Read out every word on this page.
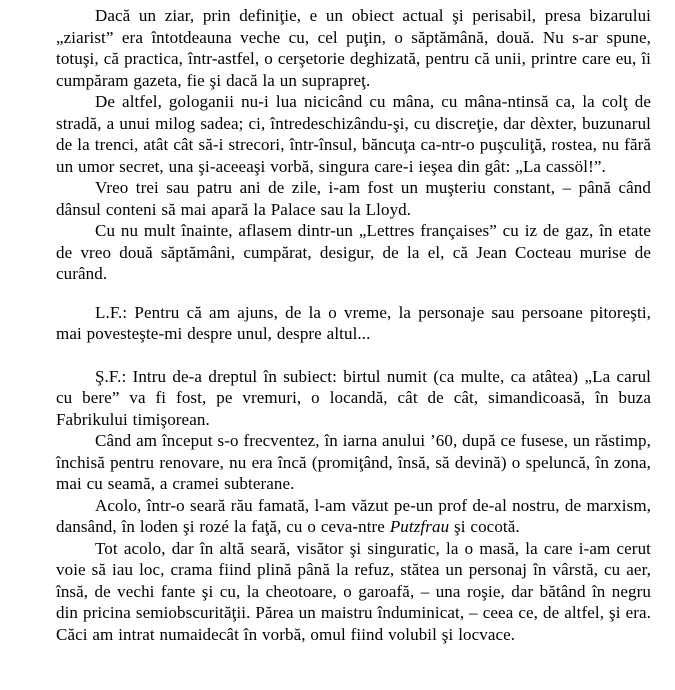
Dacă un ziar, prin definiţie, e un obiect actual şi perisabil, presa bizarului „ziarist” era întotdeauna veche cu, cel puţin, o săptămână, două. Nu s-ar spune, totuşi, că practica, într-astfel, o cerşetorie deghizată, pentru că unii, printre care eu, îi cumpăram gazeta, fie şi dacă la un suprapreţ.

De altfel, gologanii nu-i lua nicicând cu mâna, cu mâna-ntinsă ca, la colţ de stradă, a unui milog sadea; ci, întredeschizându-şi, cu discreţie, dar dèxter, buzunarul de la trenci, atât cât să-i strecori, într-însul, băncuţa ca-ntr-o puşculiţă, rostea, nu fără un umor secret, una şi-aceeaşi vorbă, singura care-i ieşea din gât: „La cassöl!”.

Vreo trei sau patru ani de zile, i-am fost un muşteriu constant, – până când dânsul conteni să mai apară la Palace sau la Lloyd.

Cu nu mult înainte, aflasem dintr-un „Lettres françaises” cu iz de gaz, în etate de vreo două săptămâni, cumpărat, desigur, de la el, că Jean Cocteau murise de curând.

L.F.: Pentru că am ajuns, de la o vreme, la personaje sau persoane pitoreşti, mai povesteşte-mi despre unul, despre altul...

Ş.F.: Intru de-a dreptul în subiect: birtul numit (ca multe, ca atâtea) „La carul cu bere” va fi fost, pe vremuri, o locandă, cât de cât, simandicoasă, în buza Fabrikului timişorean.

Când am început s-o frecventez, în iarna anului ’60, după ce fusese, un răstimp, închisă pentru renovare, nu era încă (promiţând, însă, să devină) o speluncă, în zona, mai cu seamă, a cramei subterane.

Acolo, într-o seară rău famată, l-am văzut pe-un prof de-al nostru, de marxism, dansând, în loden şi rozé la faţă, cu o ceva-ntre Putzfrau şi cocotă.

Tot acolo, dar în altă seară, visător şi singuratic, la o masă, la care i-am cerut voie să iau loc, crama fiind plină până la refuz, stătea un personaj în vârstă, cu aer, însă, de vechi fante şi cu, la cheotoare, o garoafă, – una roşie, dar bătând în negru din pricina semiobscurităţii. Părea un maistru înduminicat, – ceea ce, de altfel, şi era. Căci am intrat numaidecât în vorbă, omul fiind volubil şi locvace.
